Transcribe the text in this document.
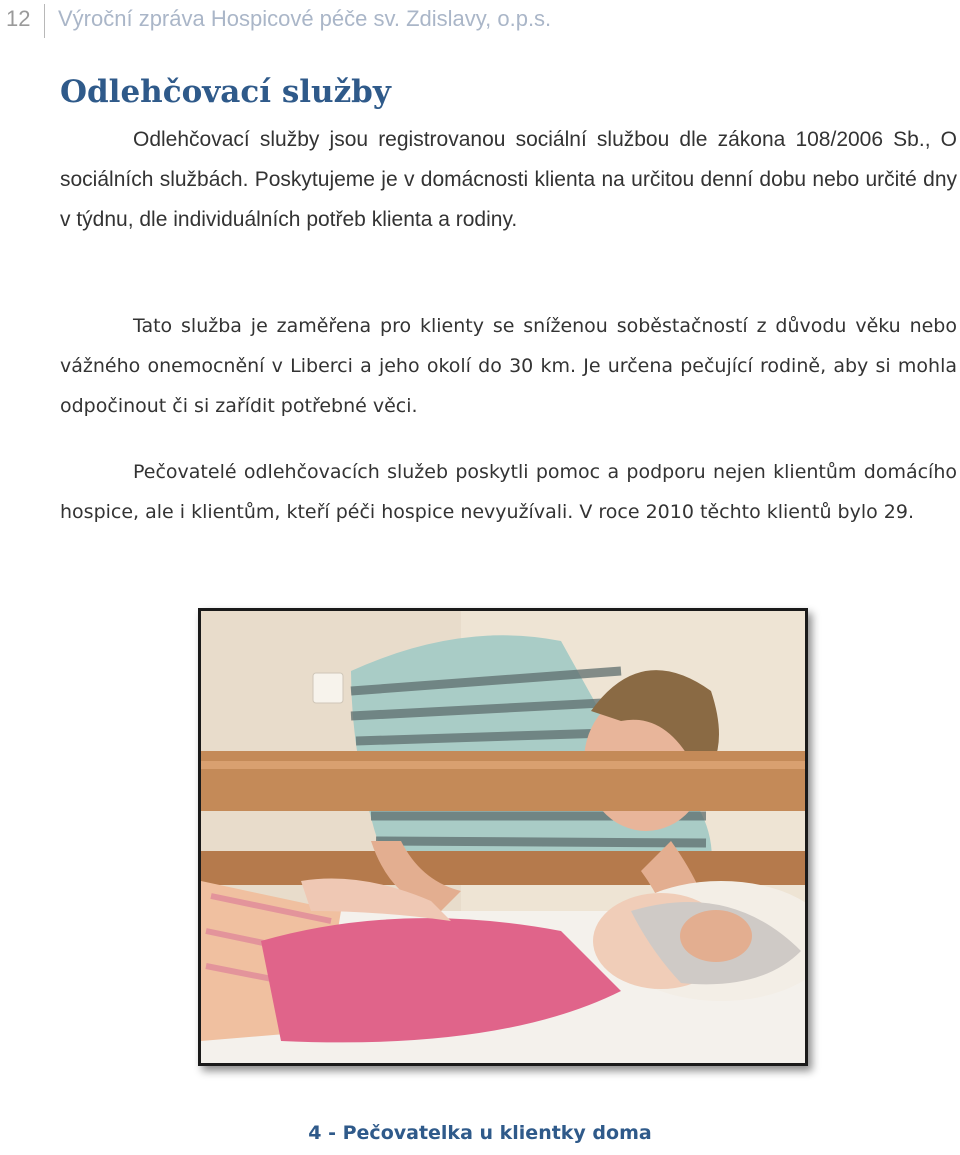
12 Výroční zpráva Hospicové péče sv. Zdislavy, o.p.s.
Odlehčovací služby

Odlehčovací služby jsou registrovanou sociální službou dle zákona 108/2006 Sb., O sociálních službách. Poskytujeme je v domácnosti klienta na určitou denní dobu nebo určité dny v týdnu, dle individuálních potřeb klienta a rodiny.

Tato služba je zaměřena pro klienty se sníženou soběstačností z důvodu věku nebo vážného onemocnění v Liberci a jeho okolí do 30 km. Je určena pečující rodině, aby si mohla odpočinout či si zařídit potřebné věci.

Pečovatelé odlehčovacích služeb poskytli pomoc a podporu nejen klientům domácího hospice, ale i klientům, kteří péči hospice nevyužívali. V roce 2010 těchto klientů bylo 29.

4 - Pečovatelka u klientky doma
